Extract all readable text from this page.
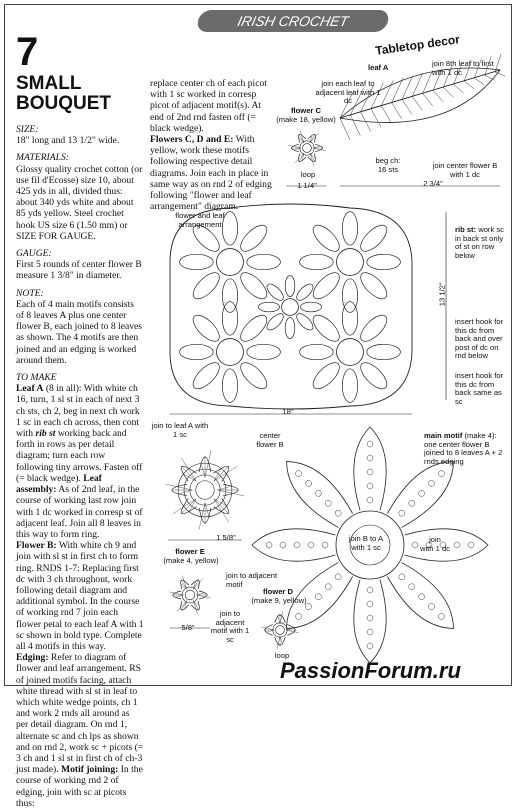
IRISH CROCHET
Tabletop decor
7
SMALL
BOUQUET

SIZE:
18" long and 13 1/2" wide.

MATERIALS:
Glossy quality crochet cotton (or use fil d'Ecosse) size 10, about 425 yds in all, divided thus: about 340 yds white and about 85 yds yellow. Steel crochet hook US size 6 (1.50 mm) or SIZE FOR GAUGE.

GAUGE:
First 5 rounds of center flower B measure 1 3/8" in diameter.

NOTE:
Each of 4 main motifs consists of 8 leaves A plus one center flower B, each joined to 8 leaves as shown. The 4 motifs are then joined and an edging is worked around them.

TO MAKE
Leaf A (8 in all): With white ch 16, turn, 1 sl st in each of next 3 ch sts, ch 2, beg in next ch work 1 sc in each ch across, then cont with rib st working back and forth in rows as per detail diagram; turn each row following tiny arrows. Fasten off (= black wedge). Leaf assembly: As of 2nd leaf, in the course of working last row join with 1 dc worked in corresp st of adjacent leaf. Join all 8 leaves in this way to form ring.
Flower B: With white ch 9 and join with sl st in first ch to form ring. RNDS 1-7: Replacing first dc with 3 ch throughout, work following detail diagram and additional symbol. In the course of working rnd 7 join each flower petal to each leaf A with 1 sc shown in bold type. Complete all 4 motifs in this way.
Edging: Refer to diagram of flower and leaf arrangement. RS of joined motifs facing, attach white thread with sl st in leaf to which white wedge points, ch 1 and work 2 rnds all around as per detail diagram. On rnd 1, alternate sc and ch lps as shown and on rnd 2, work sc + picots (= 3 ch and 1 sl st in first ch of ch-3 just made). Motif joining: In the course of working rnd 2 of edging, join with sc at picots thus:

replace center ch of each picot with 1 sc worked in corresp picot of adjacent motif(s). At end of 2nd rnd fasten off (= black wedge).
Flowers C, D and E: With yellow, work these motifs following respective detail diagrams. Join each in place in same way as on rnd 2 of edging following "flower and leaf arrangement" diagram.

leaf A	join 8th leaf to first with 1 dc
join each leaf to adjacent leaf with 1 dc
flower C
(make 18, yellow)
beg ch:
16 sts	join center flower B with 1 dc
loop
1 1/4"	2 3/4"
flower and leaf arrangement
rib st: work sc in back st only of st on row below
insert hook for this dc from back and over post of dc on rnd below
insert hook for this dc from back same as sc
13 1/2"
18"
join to leaf A with 1 sc	center flower B
1 5/8"
main motif (make 4): one center flower B joined to 8 leaves A + 2 rnds edging
flower E
(make 4, yellow)
join to adjacent motif
5/8"
flower D
(make 9, yellow)
join to adjacent motif with 1 sc
loop
join B to A with 1 sc
join
with 1 dc
PassionForum.ru
